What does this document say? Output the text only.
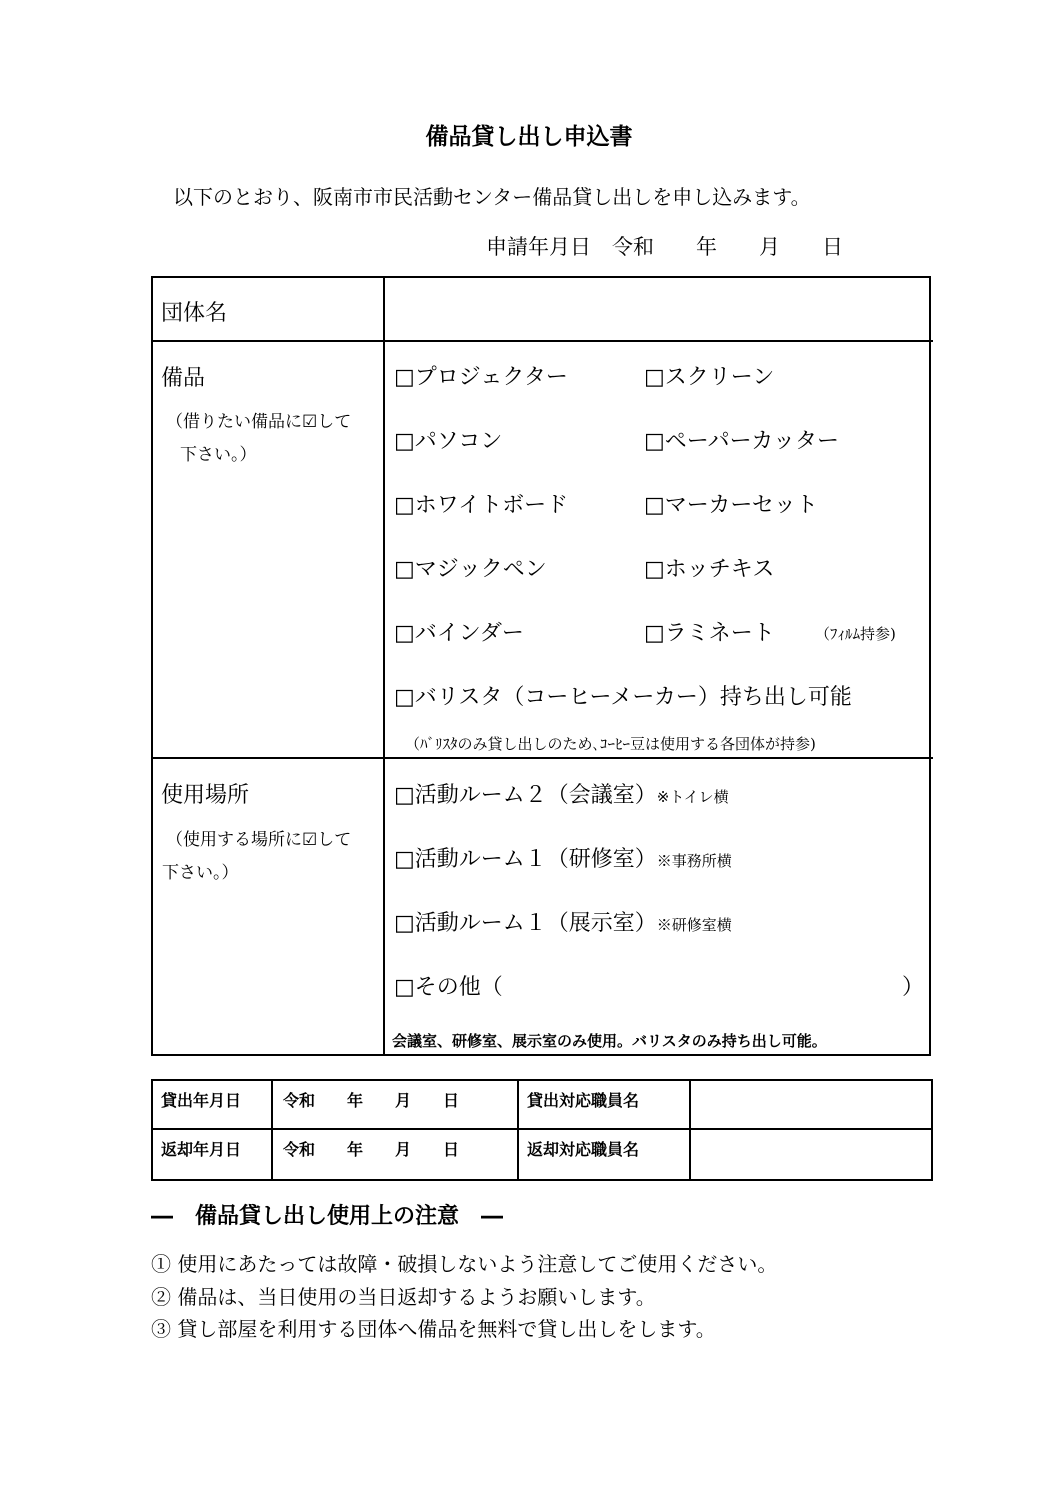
備品貸し出し申込書
以下のとおり、阪南市市民活動センター備品貸し出しを申し込みます。
申請年月日　令和　　年　　月　　日
団体名
備品
（借りたい備品に☑して
下さい。）
□プロジェクター	□スクリーン
□パソコン	□ペーパーカッター
□ホワイトボード	□マーカーセット
□マジックペン	□ホッチキス
□バインダー	□ラミネート	（ﾌｨﾙﾑ持参)
□バリスタ（コーヒーメーカー）持ち出し可能
（ﾊﾞﾘｽﾀのみ貸し出しのため､ｺｰﾋｰ豆は使用する各団体が持参)
使用場所
（使用する場所に☑して
下さい。）
□活動ルーム２（会議室）※トイレ横
□活動ルーム１（研修室）※事務所横
□活動ルーム１（展示室）※研修室横
□その他（	）
会議室、研修室、展示室のみ使用。バリスタのみ持ち出し可能。
貸出年月日	令和　　年　　月　　日	貸出対応職員名
返却年月日	令和　　年　　月　　日	返却対応職員名
―　備品貸し出し使用上の注意　―
① 使用にあたっては故障・破損しないよう注意してご使用ください。
② 備品は、当日使用の当日返却するようお願いします。
③ 貸し部屋を利用する団体へ備品を無料で貸し出しをします。
